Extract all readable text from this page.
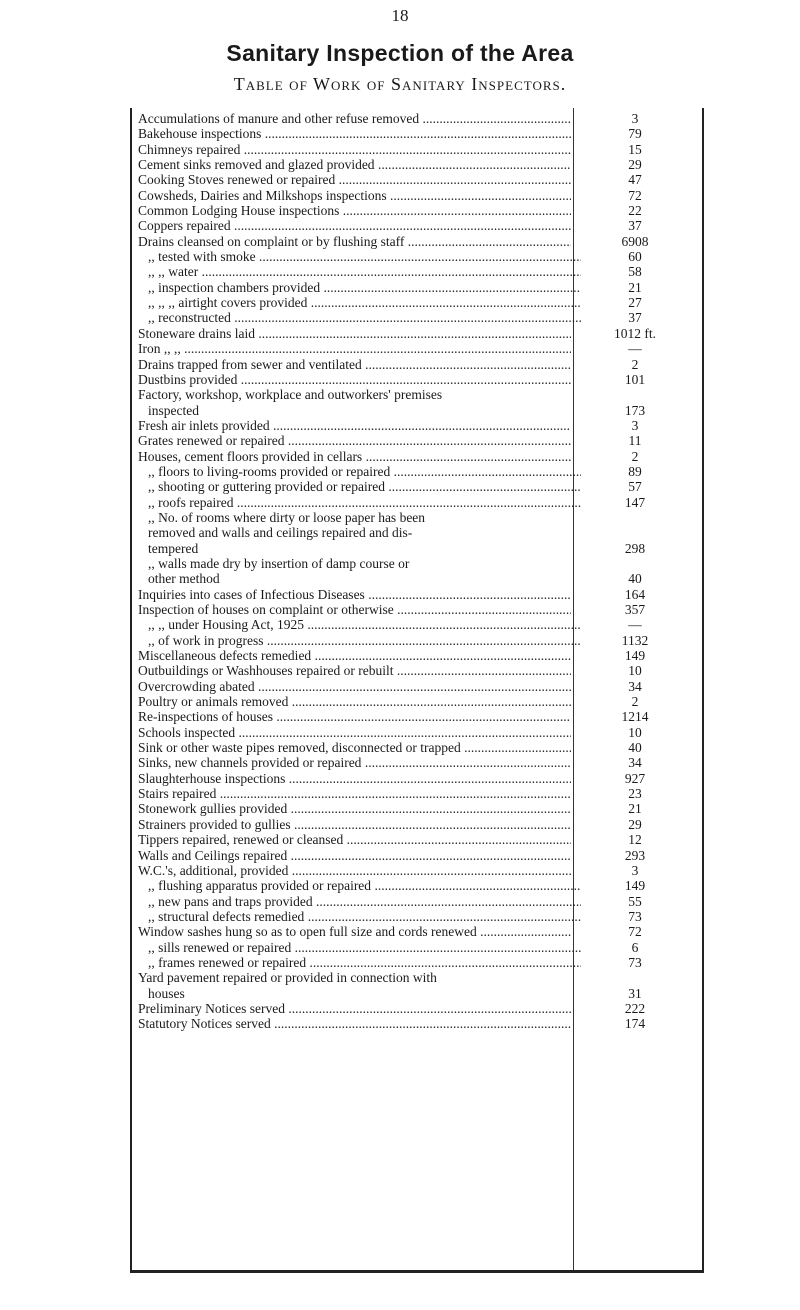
18
Sanitary Inspection of the Area
Table of Work of Sanitary Inspectors.
Accumulations of manure and other refuse removed .....	3
Bakehouse inspections .....	79
Chimneys repaired .....	15
Cement sinks removed and glazed provided .....	29
Cooking Stoves renewed or repaired .....	47
Cowsheds, Dairies and Milkshops inspections .....	72
Common Lodging House inspections .....	22
Coppers repaired .....	37
Drains cleansed on complaint or by flushing staff .....	6908
,, tested with smoke .....	60
,, ,, water .....	58
,, inspection chambers provided .....	21
,, ,, ,, airtight covers provided .....	27
,, reconstructed .....	37
Stoneware drains laid .....	1012 ft.
Iron ,, ,, .....	—
Drains trapped from sewer and ventilated .....	2
Dustbins provided .....	101
Factory, workshop, workplace and outworkers' premises
inspected	173
Fresh air inlets provided .....	3
Grates renewed or repaired .....	11
Houses, cement floors provided in cellars .....	2
,, floors to living-rooms provided or repaired .....	89
,, shooting or guttering provided or repaired .....	57
,, roofs repaired .....	147
,, No. of rooms where dirty or loose paper has been
removed and walls and ceilings repaired and dis-
tempered	298
,, walls made dry by insertion of damp course or
other method	40
Inquiries into cases of Infectious Diseases .....	164
Inspection of houses on complaint or otherwise .....	357
,, ,, under Housing Act, 1925 .....	—
,, of work in progress .....	1132
Miscellaneous defects remedied .....	149
Outbuildings or Washhouses repaired or rebuilt .....	10
Overcrowding abated .....	34
Poultry or animals removed .....	2
Re-inspections of houses .....	1214
Schools inspected .....	10
Sink or other waste pipes removed, disconnected or trapped .....	40
Sinks, new channels provided or repaired .....	34
Slaughterhouse inspections .....	927
Stairs repaired .....	23
Stonework gullies provided .....	21
Strainers provided to gullies .....	29
Tippers repaired, renewed or cleansed .....	12
Walls and Ceilings repaired .....	293
W.C.'s, additional, provided .....	3
,, flushing apparatus provided or repaired .....	149
,, new pans and traps provided .....	55
,, structural defects remedied .....	73
Window sashes hung so as to open full size and cords renewed .....	72
,, sills renewed or repaired .....	6
,, frames renewed or repaired .....	73
Yard pavement repaired or provided in connection with
houses	31
Preliminary Notices served .....	222
Statutory Notices served .....	174
